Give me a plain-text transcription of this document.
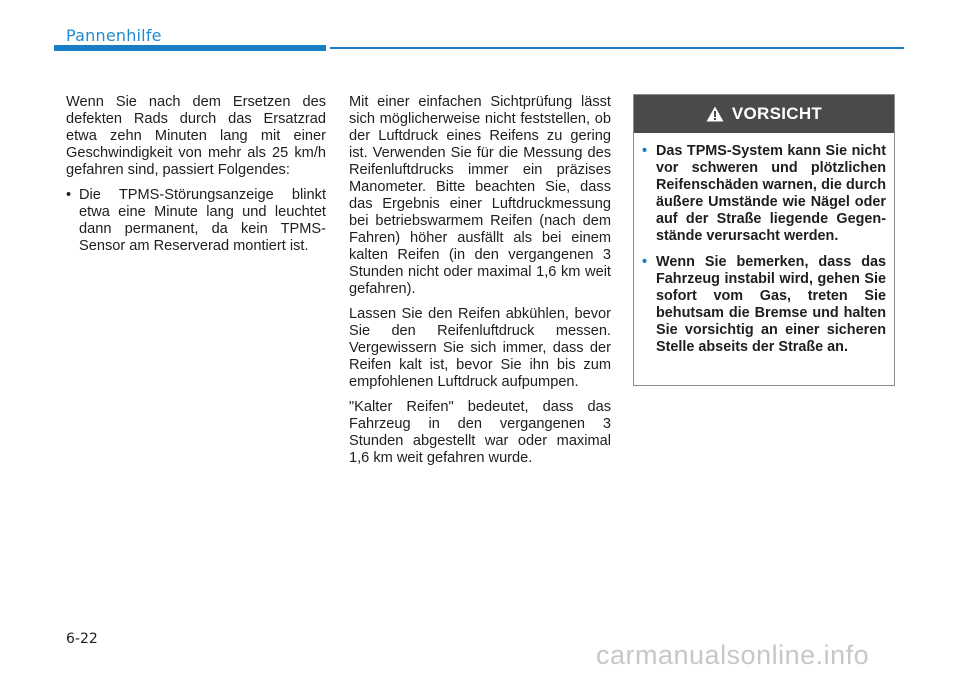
Pannenhilfe

Wenn Sie nach dem Ersetzen des defekten Rads durch das Ersatzrad etwa zehn Minuten lang mit einer Geschwindigkeit von mehr als 25 km/h gefahren sind, passiert Folgendes:

• Die TPMS-Störungsanzeige blinkt etwa eine Minute lang und leuchtet dann permanent, da kein TPMS-Sensor am Reserverad montiert ist.

Mit einer einfachen Sichtprüfung lässt sich möglicherweise nicht feststellen, ob der Luftdruck eines Reifens zu gering ist. Verwenden Sie für die Messung des Reifenluftdrucks immer ein präzises Manometer. Bitte beachten Sie, dass das Ergebnis einer Luftdruckmessung bei betriebswarmem Reifen (nach dem Fahren) höher ausfällt als bei einem kalten Reifen (in den vergangenen 3 Stunden nicht oder maximal 1,6 km weit gefahren).

Lassen Sie den Reifen abkühlen, bevor Sie den Reifenluftdruck messen. Vergewissern Sie sich immer, dass der Reifen kalt ist, bevor Sie ihn bis zum empfohlenen Luftdruck aufpumpen.

"Kalter Reifen" bedeutet, dass das Fahrzeug in den vergangenen 3 Stunden abgestellt war oder maximal 1,6 km weit gefahren wurde.

VORSICHT
• Das TPMS-System kann Sie nicht vor schweren und plötzlichen Reifenschäden warnen, die durch äußere Umstände wie Nägel oder auf der Straße liegende Gegenstände verursacht werden.
• Wenn Sie bemerken, dass das Fahrzeug instabil wird, gehen Sie sofort vom Gas, treten Sie behutsam die Bremse und halten Sie vorsichtig an einer sicheren Stelle abseits der Straße an.
6-22
carmanualsonline.info
